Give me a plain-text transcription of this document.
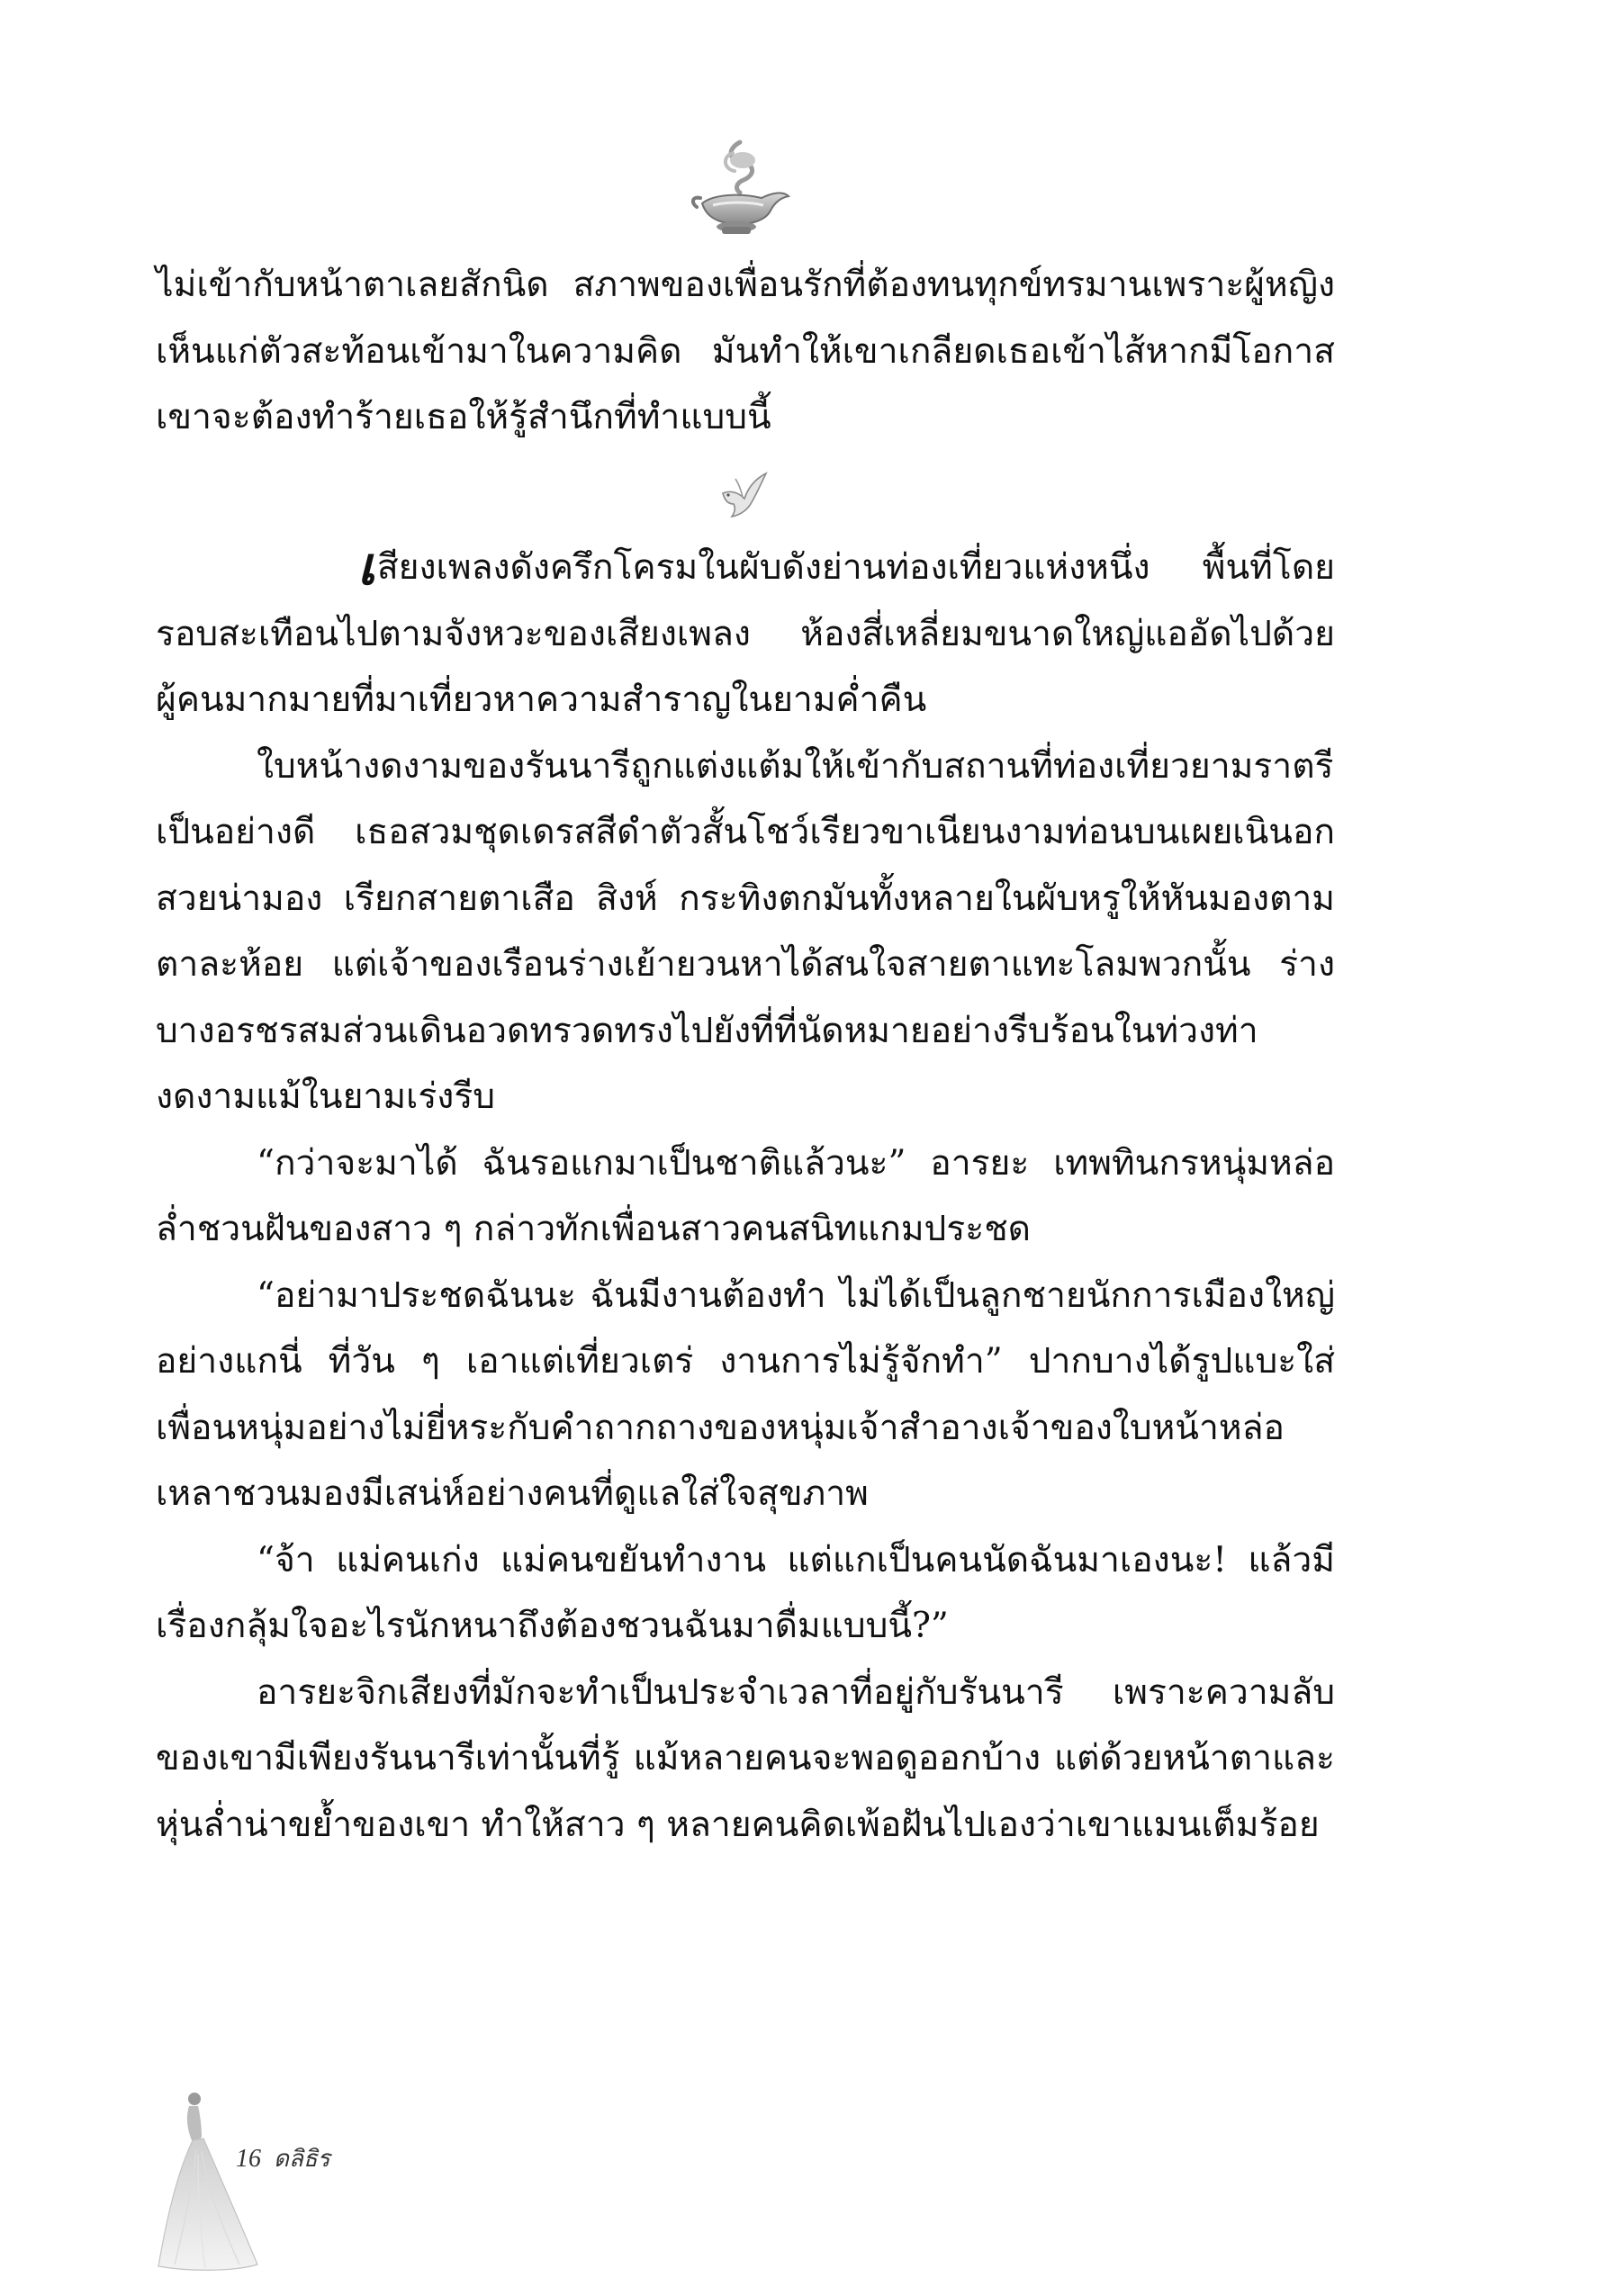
ไม่เข้ากับหน้าตาเลยสักนิด สภาพของเพื่อนรักที่ต้องทนทุกข์ทรมานเพราะผู้หญิงเห็นแก่ตัวสะท้อนเข้ามาในความคิด มันทำให้เขาเกลียดเธอเข้าไส้หากมีโอกาสเขาจะต้องทำร้ายเธอให้รู้สำนึกที่ทำแบบนี้

เสียงเพลงดังครึกโครมในผับดังย่านท่องเที่ยวแห่งหนึ่ง พื้นที่โดยรอบสะเทือนไปตามจังหวะของเสียงเพลง ห้องสี่เหลี่ยมขนาดใหญ่แออัดไปด้วยผู้คนมากมายที่มาเที่ยวหาความสำราญในยามค่ำคืน

ใบหน้างดงามของรันนารีถูกแต่งแต้มให้เข้ากับสถานที่ท่องเที่ยวยามราตรีเป็นอย่างดี เธอสวมชุดเดรสสีดำตัวสั้นโชว์เรียวขาเนียนงามท่อนบนเผยเนินอกสวยน่ามอง เรียกสายตาเสือ สิงห์ กระทิงตกมันทั้งหลายในผับหรูให้หันมองตามตาละห้อย แต่เจ้าของเรือนร่างเย้ายวนหาได้สนใจสายตาแทะโลมพวกนั้น ร่างบางอรชรสมส่วนเดินอวดทรวดทรงไปยังที่ที่นัดหมายอย่างรีบร้อนในท่วงท่างดงามแม้ในยามเร่งรีบ

“กว่าจะมาได้ ฉันรอแกมาเป็นชาติแล้วนะ” อารยะ เทพทินกรหนุ่มหล่อล่ำชวนฝันของสาว ๆ กล่าวทักเพื่อนสาวคนสนิทแกมประชด

“อย่ามาประชดฉันนะ ฉันมีงานต้องทำ ไม่ได้เป็นลูกชายนักการเมืองใหญ่อย่างแกนี่ ที่วัน ๆ เอาแต่เที่ยวเตร่ งานการไม่รู้จักทำ” ปากบางได้รูปแบะใส่เพื่อนหนุ่มอย่างไม่ยี่หระกับคำถากถางของหนุ่มเจ้าสำอางเจ้าของใบหน้าหล่อเหลาชวนมองมีเสน่ห์อย่างคนที่ดูแลใส่ใจสุขภาพ

“จ้า แม่คนเก่ง แม่คนขยันทำงาน แต่แกเป็นคนนัดฉันมาเองนะ! แล้วมีเรื่องกลุ้มใจอะไรนักหนาถึงต้องชวนฉันมาดื่มแบบนี้?”

อารยะจิกเสียงที่มักจะทำเป็นประจำเวลาที่อยู่กับรันนารี เพราะความลับของเขามีเพียงรันนารีเท่านั้นที่รู้ แม้หลายคนจะพอดูออกบ้าง แต่ด้วยหน้าตาและหุ่นล่ำน่าขย้ำของเขา ทำให้สาว ๆ หลายคนคิดเพ้อฝันไปเองว่าเขาแมนเต็มร้อย

16 ดลิธิร
